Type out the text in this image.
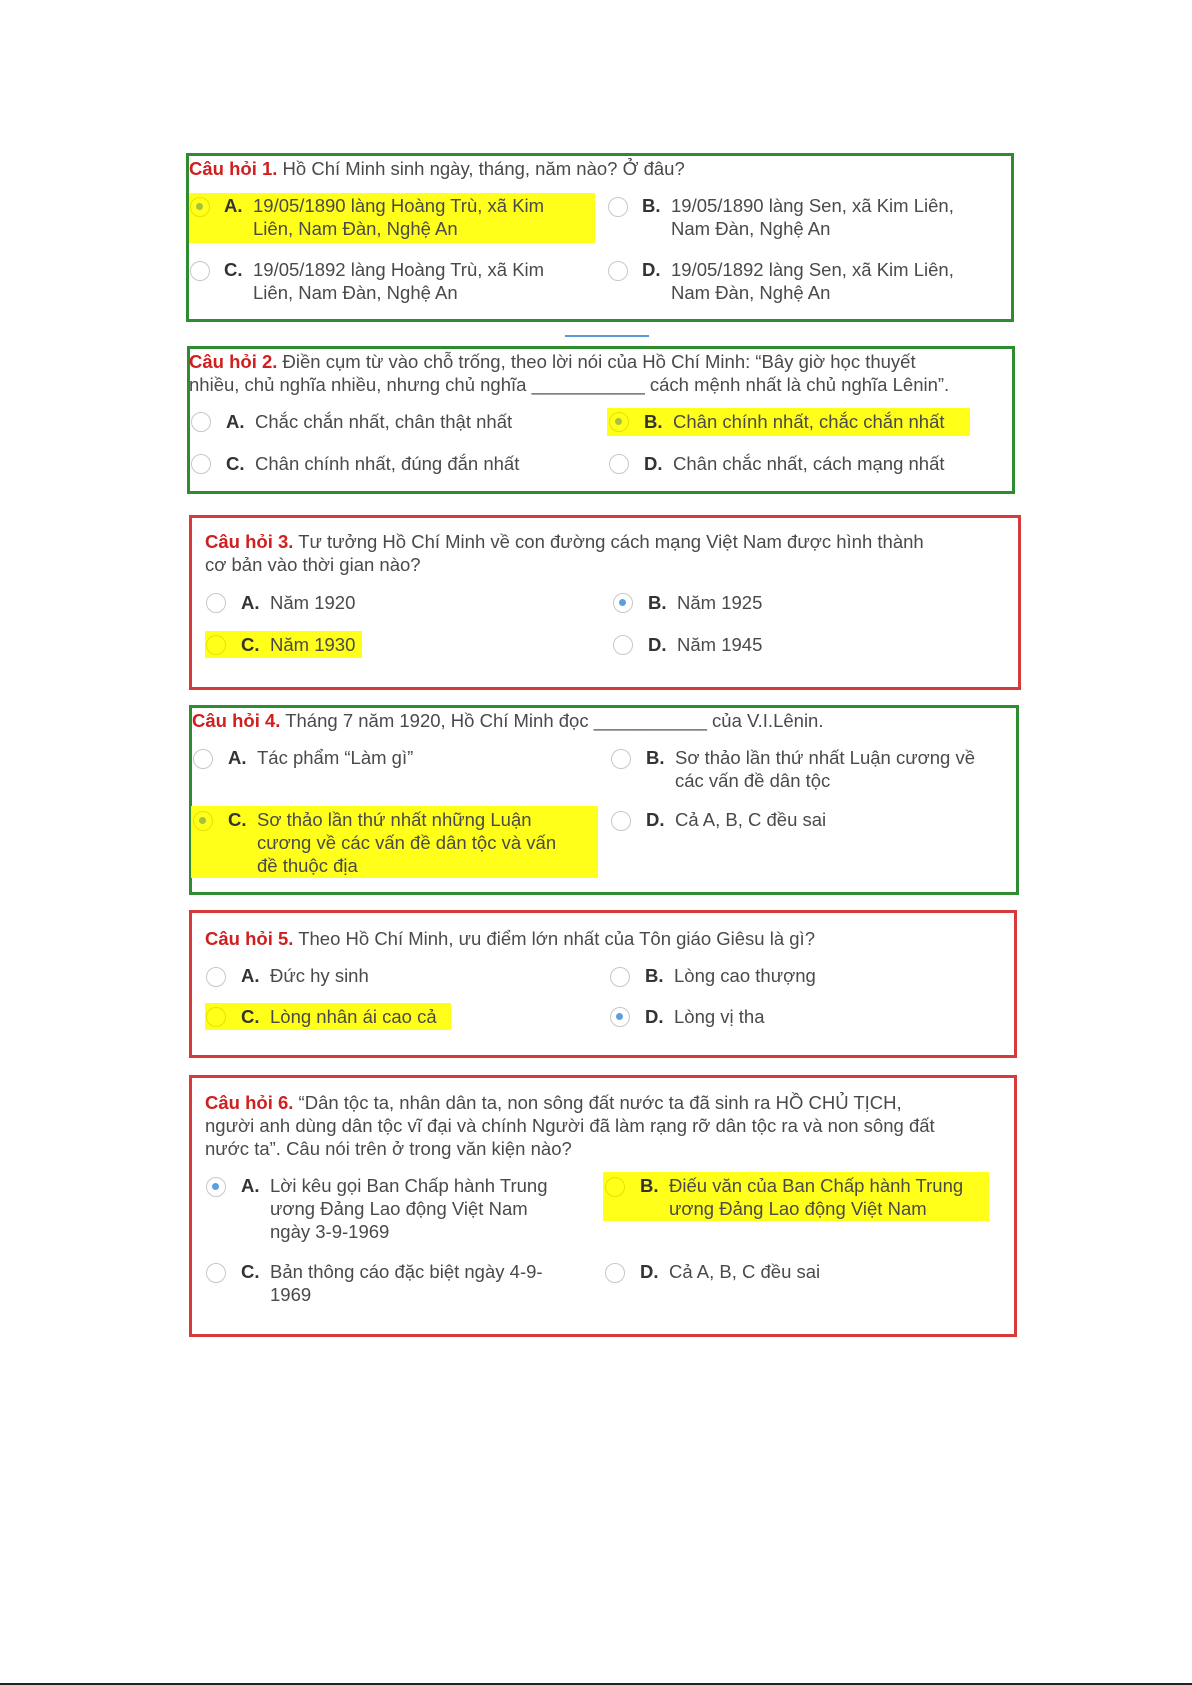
Câu hỏi 1. Hồ Chí Minh sinh ngày, tháng, năm nào? Ở đâu?
A. 19/05/1890 làng Hoàng Trù, xã Kim
Liên, Nam Đàn, Nghệ An
B. 19/05/1890 làng Sen, xã Kim Liên,
Nam Đàn, Nghệ An
C. 19/05/1892 làng Hoàng Trù, xã Kim
Liên, Nam Đàn, Nghệ An
D. 19/05/1892 làng Sen, xã Kim Liên,
Nam Đàn, Nghệ An
Câu hỏi 2. Điền cụm từ vào chỗ trống, theo lời nói của Hồ Chí Minh: “Bây giờ học thuyết
nhiều, chủ nghĩa nhiều, nhưng chủ nghĩa ___________ cách mệnh nhất là chủ nghĩa Lênin”.
A. Chắc chắn nhất, chân thật nhất	B. Chân chính nhất, chắc chắn nhất
C. Chân chính nhất, đúng đắn nhất	D. Chân chắc nhất, cách mạng nhất
Câu hỏi 3. Tư tưởng Hồ Chí Minh về con đường cách mạng Việt Nam được hình thành
cơ bản vào thời gian nào?
A. Năm 1920	B. Năm 1925
C. Năm 1930	D. Năm 1945
Câu hỏi 4. Tháng 7 năm 1920, Hồ Chí Minh đọc ___________ của V.I.Lênin.
A. Tác phẩm “Làm gì”	B. Sơ thảo lần thứ nhất Luận cương về
các vấn đề dân tộc
C. Sơ thảo lần thứ nhất những Luận
cương về các vấn đề dân tộc và vấn
đề thuộc địa
D. Cả A, B, C đều sai
Câu hỏi 5. Theo Hồ Chí Minh, ưu điểm lớn nhất của Tôn giáo Giêsu là gì?
A. Đức hy sinh	B. Lòng cao thượng
C. Lòng nhân ái cao cả	D. Lòng vị tha
Câu hỏi 6. “Dân tộc ta, nhân dân ta, non sông đất nước ta đã sinh ra HỒ CHỦ TỊCH,
người anh dùng dân tộc vĩ đại và chính Người đã làm rạng rỡ dân tộc ra và non sông đất
nước ta”. Câu nói trên ở trong văn kiện nào?
A. Lời kêu gọi Ban Chấp hành Trung
ương Đảng Lao động Việt Nam
ngày 3-9-1969
B. Điếu văn của Ban Chấp hành Trung
ương Đảng Lao động Việt Nam
C. Bản thông cáo đặc biệt ngày 4-9-
1969
D. Cả A, B, C đều sai
